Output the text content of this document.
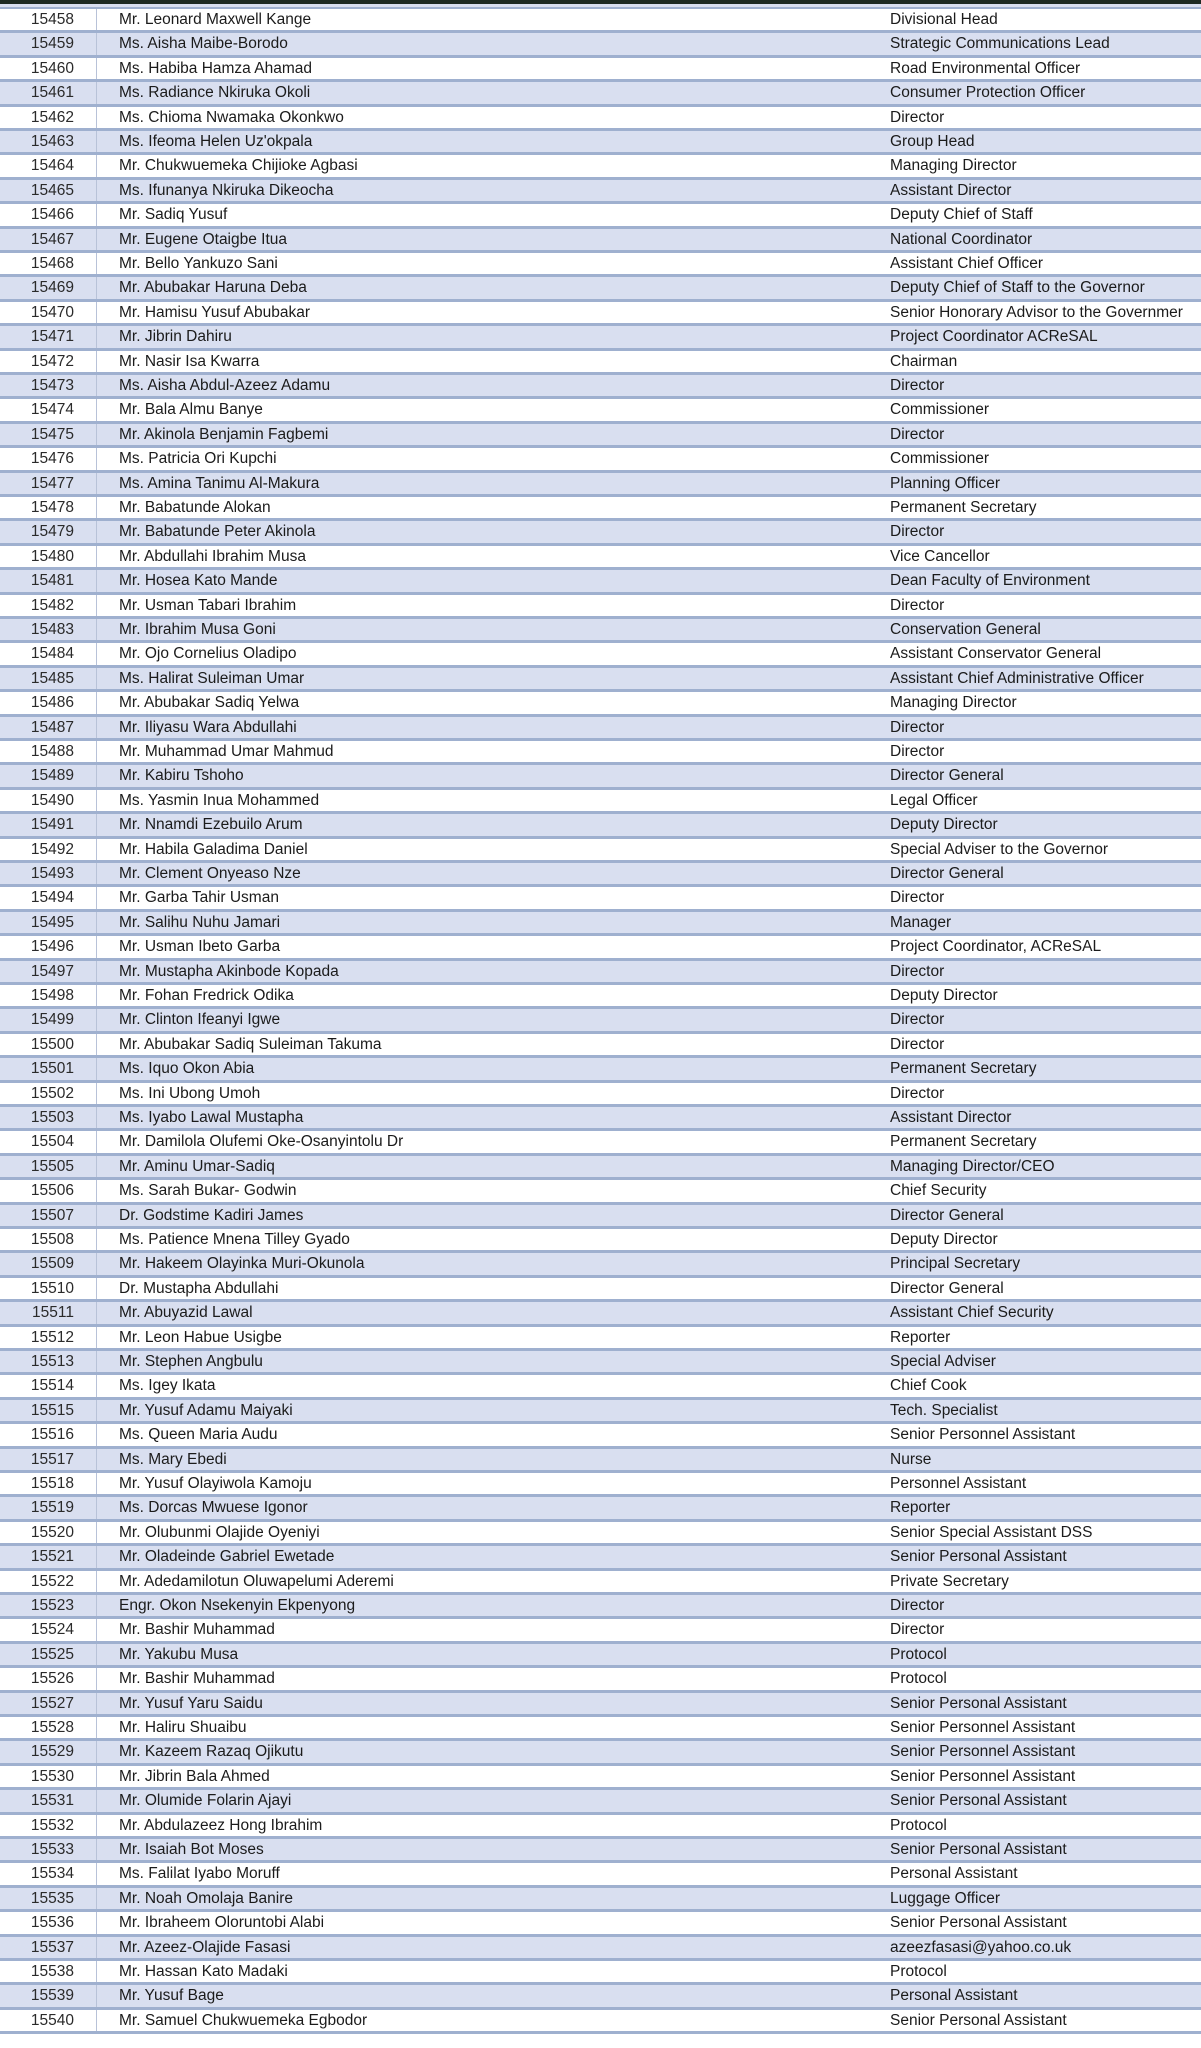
15458	Mr. Leonard Maxwell Kange	Divisional Head
15459	Ms. Aisha Maibe-Borodo	Strategic Communications Lead
15460	Ms. Habiba Hamza Ahamad	Road Environmental Officer
15461	Ms. Radiance Nkiruka Okoli	Consumer Protection Officer
15462	Ms. Chioma Nwamaka Okonkwo	Director
15463	Ms. Ifeoma Helen Uz'okpala	Group Head
15464	Mr. Chukwuemeka Chijioke Agbasi	Managing Director
15465	Ms. Ifunanya Nkiruka Dikeocha	Assistant Director
15466	Mr. Sadiq Yusuf	Deputy Chief of Staff
15467	Mr. Eugene Otaigbe Itua	National Coordinator
15468	Mr. Bello Yankuzo Sani	Assistant Chief Officer
15469	Mr. Abubakar Haruna Deba	Deputy Chief of Staff to the Governor
15470	Mr. Hamisu Yusuf Abubakar	Senior Honorary Advisor to the Governmer
15471	Mr. Jibrin Dahiru	Project Coordinator ACReSAL
15472	Mr. Nasir Isa Kwarra	Chairman
15473	Ms. Aisha Abdul-Azeez Adamu	Director
15474	Mr. Bala Almu Banye	Commissioner
15475	Mr. Akinola Benjamin Fagbemi	Director
15476	Ms. Patricia Ori Kupchi	Commissioner
15477	Ms. Amina Tanimu Al-Makura	Planning Officer
15478	Mr. Babatunde Alokan	Permanent Secretary
15479	Mr. Babatunde Peter Akinola	Director
15480	Mr. Abdullahi Ibrahim Musa	Vice Cancellor
15481	Mr. Hosea Kato Mande	Dean Faculty of Environment
15482	Mr. Usman Tabari Ibrahim	Director
15483	Mr. Ibrahim Musa Goni	Conservation General
15484	Mr. Ojo Cornelius Oladipo	Assistant Conservator General
15485	Ms. Halirat Suleiman Umar	Assistant Chief Administrative Officer
15486	Mr. Abubakar Sadiq Yelwa	Managing Director
15487	Mr. Iliyasu Wara Abdullahi	Director
15488	Mr. Muhammad Umar Mahmud	Director
15489	Mr. Kabiru Tshoho	Director General
15490	Ms. Yasmin Inua Mohammed	Legal Officer
15491	Mr. Nnamdi Ezebuilo Arum	Deputy Director
15492	Mr. Habila Galadima Daniel	Special Adviser to the Governor
15493	Mr. Clement Onyeaso Nze	Director General
15494	Mr. Garba Tahir Usman	Director
15495	Mr. Salihu Nuhu Jamari	Manager
15496	Mr. Usman Ibeto Garba	Project Coordinator, ACReSAL
15497	Mr. Mustapha Akinbode Kopada	Director
15498	Mr. Fohan Fredrick Odika	Deputy Director
15499	Mr. Clinton Ifeanyi Igwe	Director
15500	Mr. Abubakar Sadiq Suleiman Takuma	Director
15501	Ms. Iquo Okon Abia	Permanent Secretary
15502	Ms. Ini Ubong Umoh	Director
15503	Ms. Iyabo Lawal Mustapha	Assistant Director
15504	Mr. Damilola Olufemi Oke-Osanyintolu Dr	Permanent Secretary
15505	Mr. Aminu Umar-Sadiq	Managing Director/CEO
15506	Ms. Sarah Bukar- Godwin	Chief Security
15507	Dr. Godstime Kadiri James	Director General
15508	Ms. Patience Mnena Tilley Gyado	Deputy Director
15509	Mr. Hakeem Olayinka Muri-Okunola	Principal Secretary
15510	Dr. Mustapha Abdullahi	Director General
15511	Mr. Abuyazid Lawal	Assistant Chief Security
15512	Mr. Leon Habue Usigbe	Reporter
15513	Mr. Stephen Angbulu	Special Adviser
15514	Ms. Igey Ikata	Chief Cook
15515	Mr. Yusuf Adamu Maiyaki	Tech. Specialist
15516	Ms. Queen Maria Audu	Senior Personnel Assistant
15517	Ms. Mary Ebedi	Nurse
15518	Mr. Yusuf Olayiwola Kamoju	Personnel Assistant
15519	Ms. Dorcas Mwuese Igonor	Reporter
15520	Mr. Olubunmi Olajide Oyeniyi	Senior Special Assistant DSS
15521	Mr. Oladeinde Gabriel Ewetade	Senior Personal Assistant
15522	Mr. Adedamilotun Oluwapelumi Aderemi	Private Secretary
15523	Engr. Okon Nsekenyin Ekpenyong	Director
15524	Mr. Bashir Muhammad	Director
15525	Mr. Yakubu Musa	Protocol
15526	Mr. Bashir Muhammad	Protocol
15527	Mr. Yusuf Yaru Saidu	Senior Personal Assistant
15528	Mr. Haliru Shuaibu	Senior Personnel Assistant
15529	Mr. Kazeem Razaq Ojikutu	Senior Personnel Assistant
15530	Mr. Jibrin Bala Ahmed	Senior Personnel Assistant
15531	Mr. Olumide Folarin Ajayi	Senior Personal Assistant
15532	Mr. Abdulazeez Hong Ibrahim	Protocol
15533	Mr. Isaiah Bot Moses	Senior Personal Assistant
15534	Ms. Falilat Iyabo Moruff	Personal Assistant
15535	Mr. Noah Omolaja Banire	Luggage Officer
15536	Mr. Ibraheem Oloruntobi Alabi	Senior Personal Assistant
15537	Mr. Azeez-Olajide Fasasi	azeezfasasi@yahoo.co.uk
15538	Mr. Hassan Kato Madaki	Protocol
15539	Mr. Yusuf Bage	Personal Assistant
15540	Mr. Samuel Chukwuemeka Egbodor	Senior Personal Assistant
